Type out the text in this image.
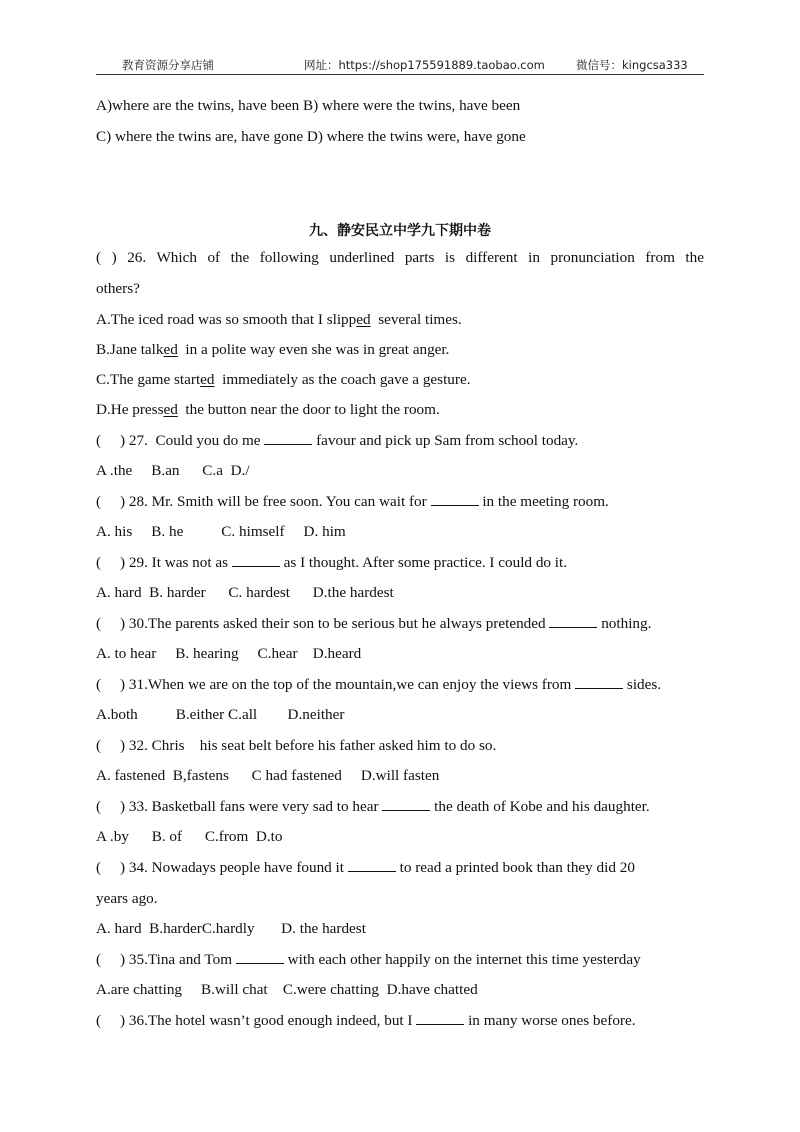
教育资源分享店铺	网址：https://shop175591889.taobao.com	微信号：kingcsa333
A)where are the twins, have been B) where were the twins, have been
C) where the twins are, have gone D) where the twins were, have gone
九、静安民立中学九下期中卷
( ) 26. Which of the following underlined parts is different in pronunciation from the
others?
A.The iced road was so smooth that I slipped  several times.
B.Jane talked  in a polite way even she was in great anger.
C.The game started  immediately as the coach gave a gesture.
D.He pressed  the button near the door to light the room.
(     ) 27.  Could you do me	favour and pick up Sam from school today.
A .the     B.an      C.a  D./
(     ) 28. Mr. Smith will be free soon. You can wait for	in the meeting room.
A. his     B. he          C. himself     D. him
(     ) 29. It was not as	as I thought. After some practice. I could do it.
A. hard  B. harder      C. hardest      D.the hardest
(     ) 30.The parents asked their son to be serious but he always pretended	nothing.
A. to hear     B. hearing     C.hear    D.heard
(     ) 31.When we are on the top of the mountain,we can enjoy the views from	sides.
A.both          B.either C.all        D.neither
(     ) 32. Chris    his seat belt before his father asked him to do so.
A. fastened  B,fastens      C had fastened     D.will fasten
(     ) 33. Basketball fans were very sad to hear	the death of Kobe and his daughter.
A .by      B. of      C.from  D.to
(     ) 34. Nowadays people have found it	to read a printed book than they did 20
years ago.
A. hard  B.harderC.hardly       D. the hardest
(     ) 35.Tina and Tom	with each other happily on the internet this time yesterday
A.are chatting     B.will chat    C.were chatting  D.have chatted
(     ) 36.The hotel wasn’t good enough indeed, but I	in many worse ones before.
